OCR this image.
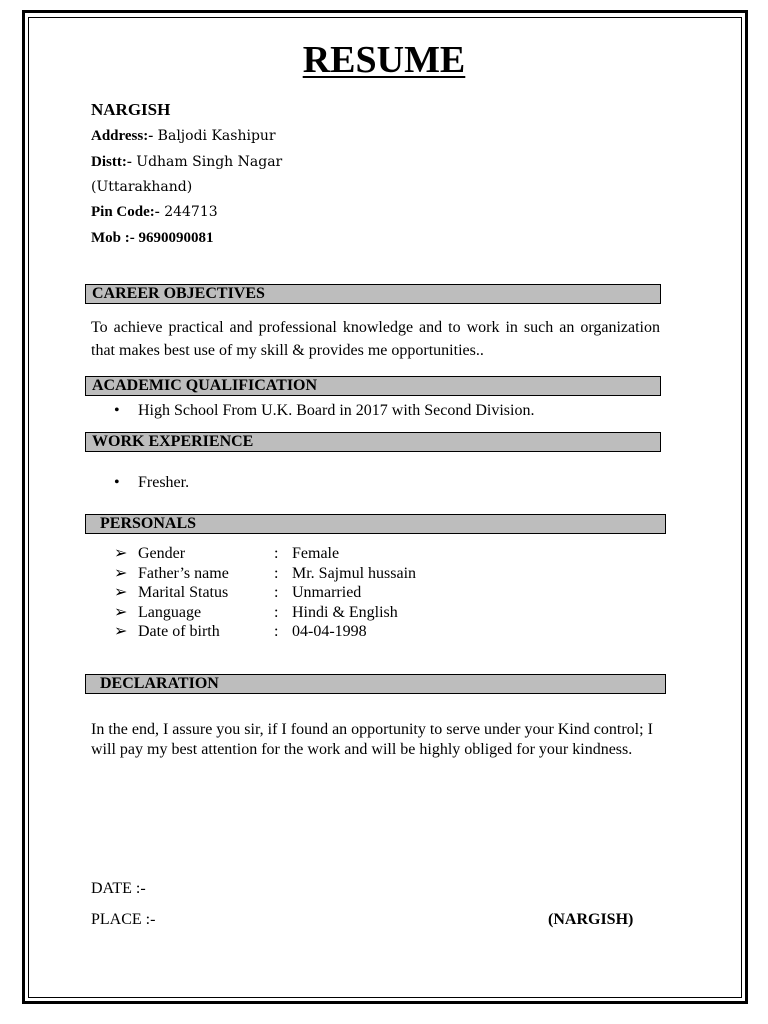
RESUME
NARGISH
Address:- Baljodi Kashipur
Distt:- Udham Singh Nagar
(Uttarakhand)
Pin Code:- 244713
Mob :- 9690090081
CAREER OBJECTIVES
To achieve practical and professional knowledge and to work in such an organization that makes best use of my skill & provides me opportunities..
ACADEMIC QUALIFICATION
• High School From U.K. Board in 2017 with Second Division.
WORK EXPERIENCE
• Fresher.
PERSONALS
➢ Gender	: Female
➢ Father’s name	: Mr. Sajmul hussain
➢ Marital Status	: Unmarried
➢ Language	: Hindi & English
➢ Date of birth	: 04-04-1998
DECLARATION
In the end, I assure you sir, if I found an opportunity to serve under your Kind control; I will pay my best attention for the work and will be highly obliged for your kindness.
DATE :-
PLACE :-	(NARGISH)
